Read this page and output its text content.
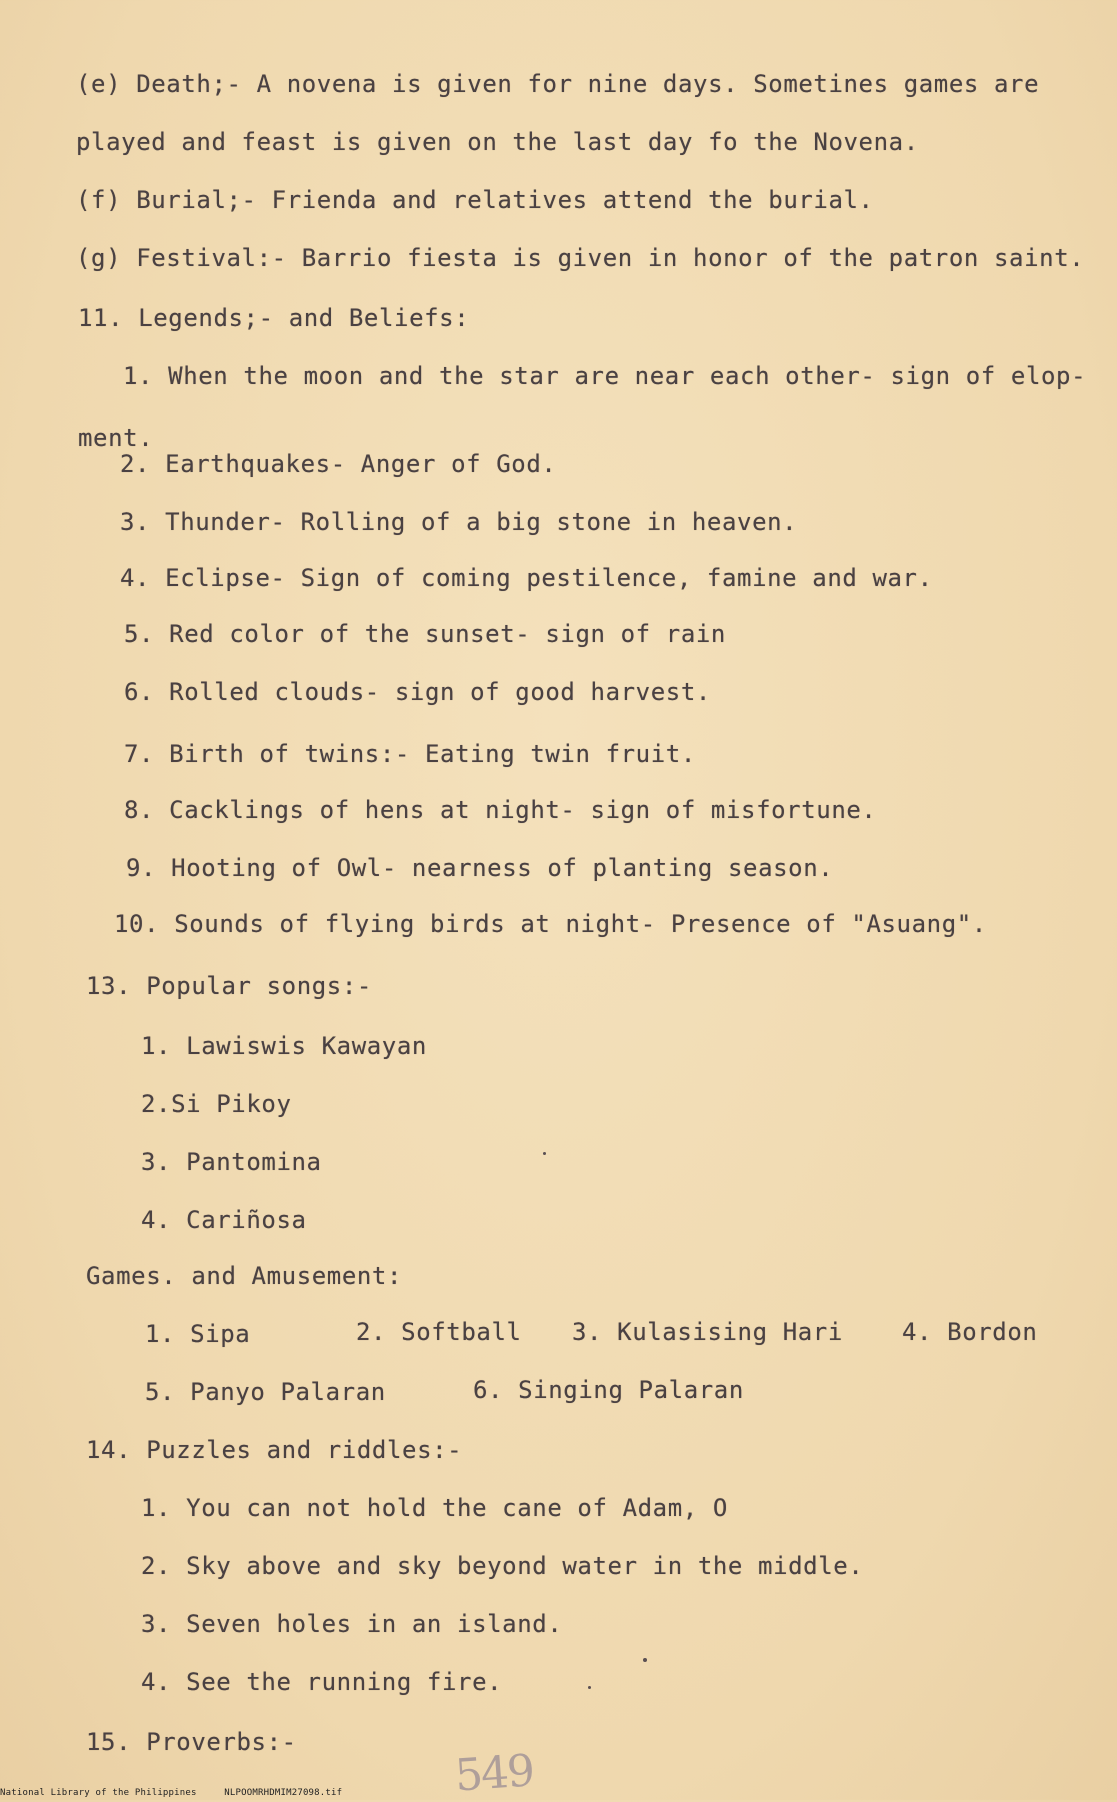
(e) Death;- A novena is given for nine days. Sometines games are
played and feast is given on the last day fo the Novena.
(f) Burial;- Frienda and relatives attend the burial.
(g) Festival:- Barrio fiesta is given in honor of the patron saint.
11. Legends;- and Beliefs:
1. When the moon and the star are near each other- sign of elop-
ment.
2. Earthquakes- Anger of God.
3. Thunder- Rolling of a big stone in heaven.
4. Eclipse- Sign of coming pestilence, famine and war.
5. Red color of the sunset- sign of rain
6. Rolled clouds- sign of good harvest.
7. Birth of twins:- Eating twin fruit.
8. Cacklings of hens at night- sign of misfortune.
9. Hooting of Owl- nearness of planting season.
10. Sounds of flying birds at night- Presence of "Asuang".
13. Popular songs:-
1. Lawiswis Kawayan
2.Si Pikoy
3. Pantomina
4. Cariñosa
Games. and Amusement:
1. Sipa	2. Softball 3. Kulasising Hari 4. Bordon
5. Panyo Palaran	6. Singing Palaran
14. Puzzles and riddles:-
1. You can not hold the cane of Adam, O
2. Sky above and sky beyond water in the middle.
3. Seven holes in an island.
4. See the running fire.
15. Proverbs:-
549
National Library of the Philippines	NLPOOMRHDMIM27098.tif
